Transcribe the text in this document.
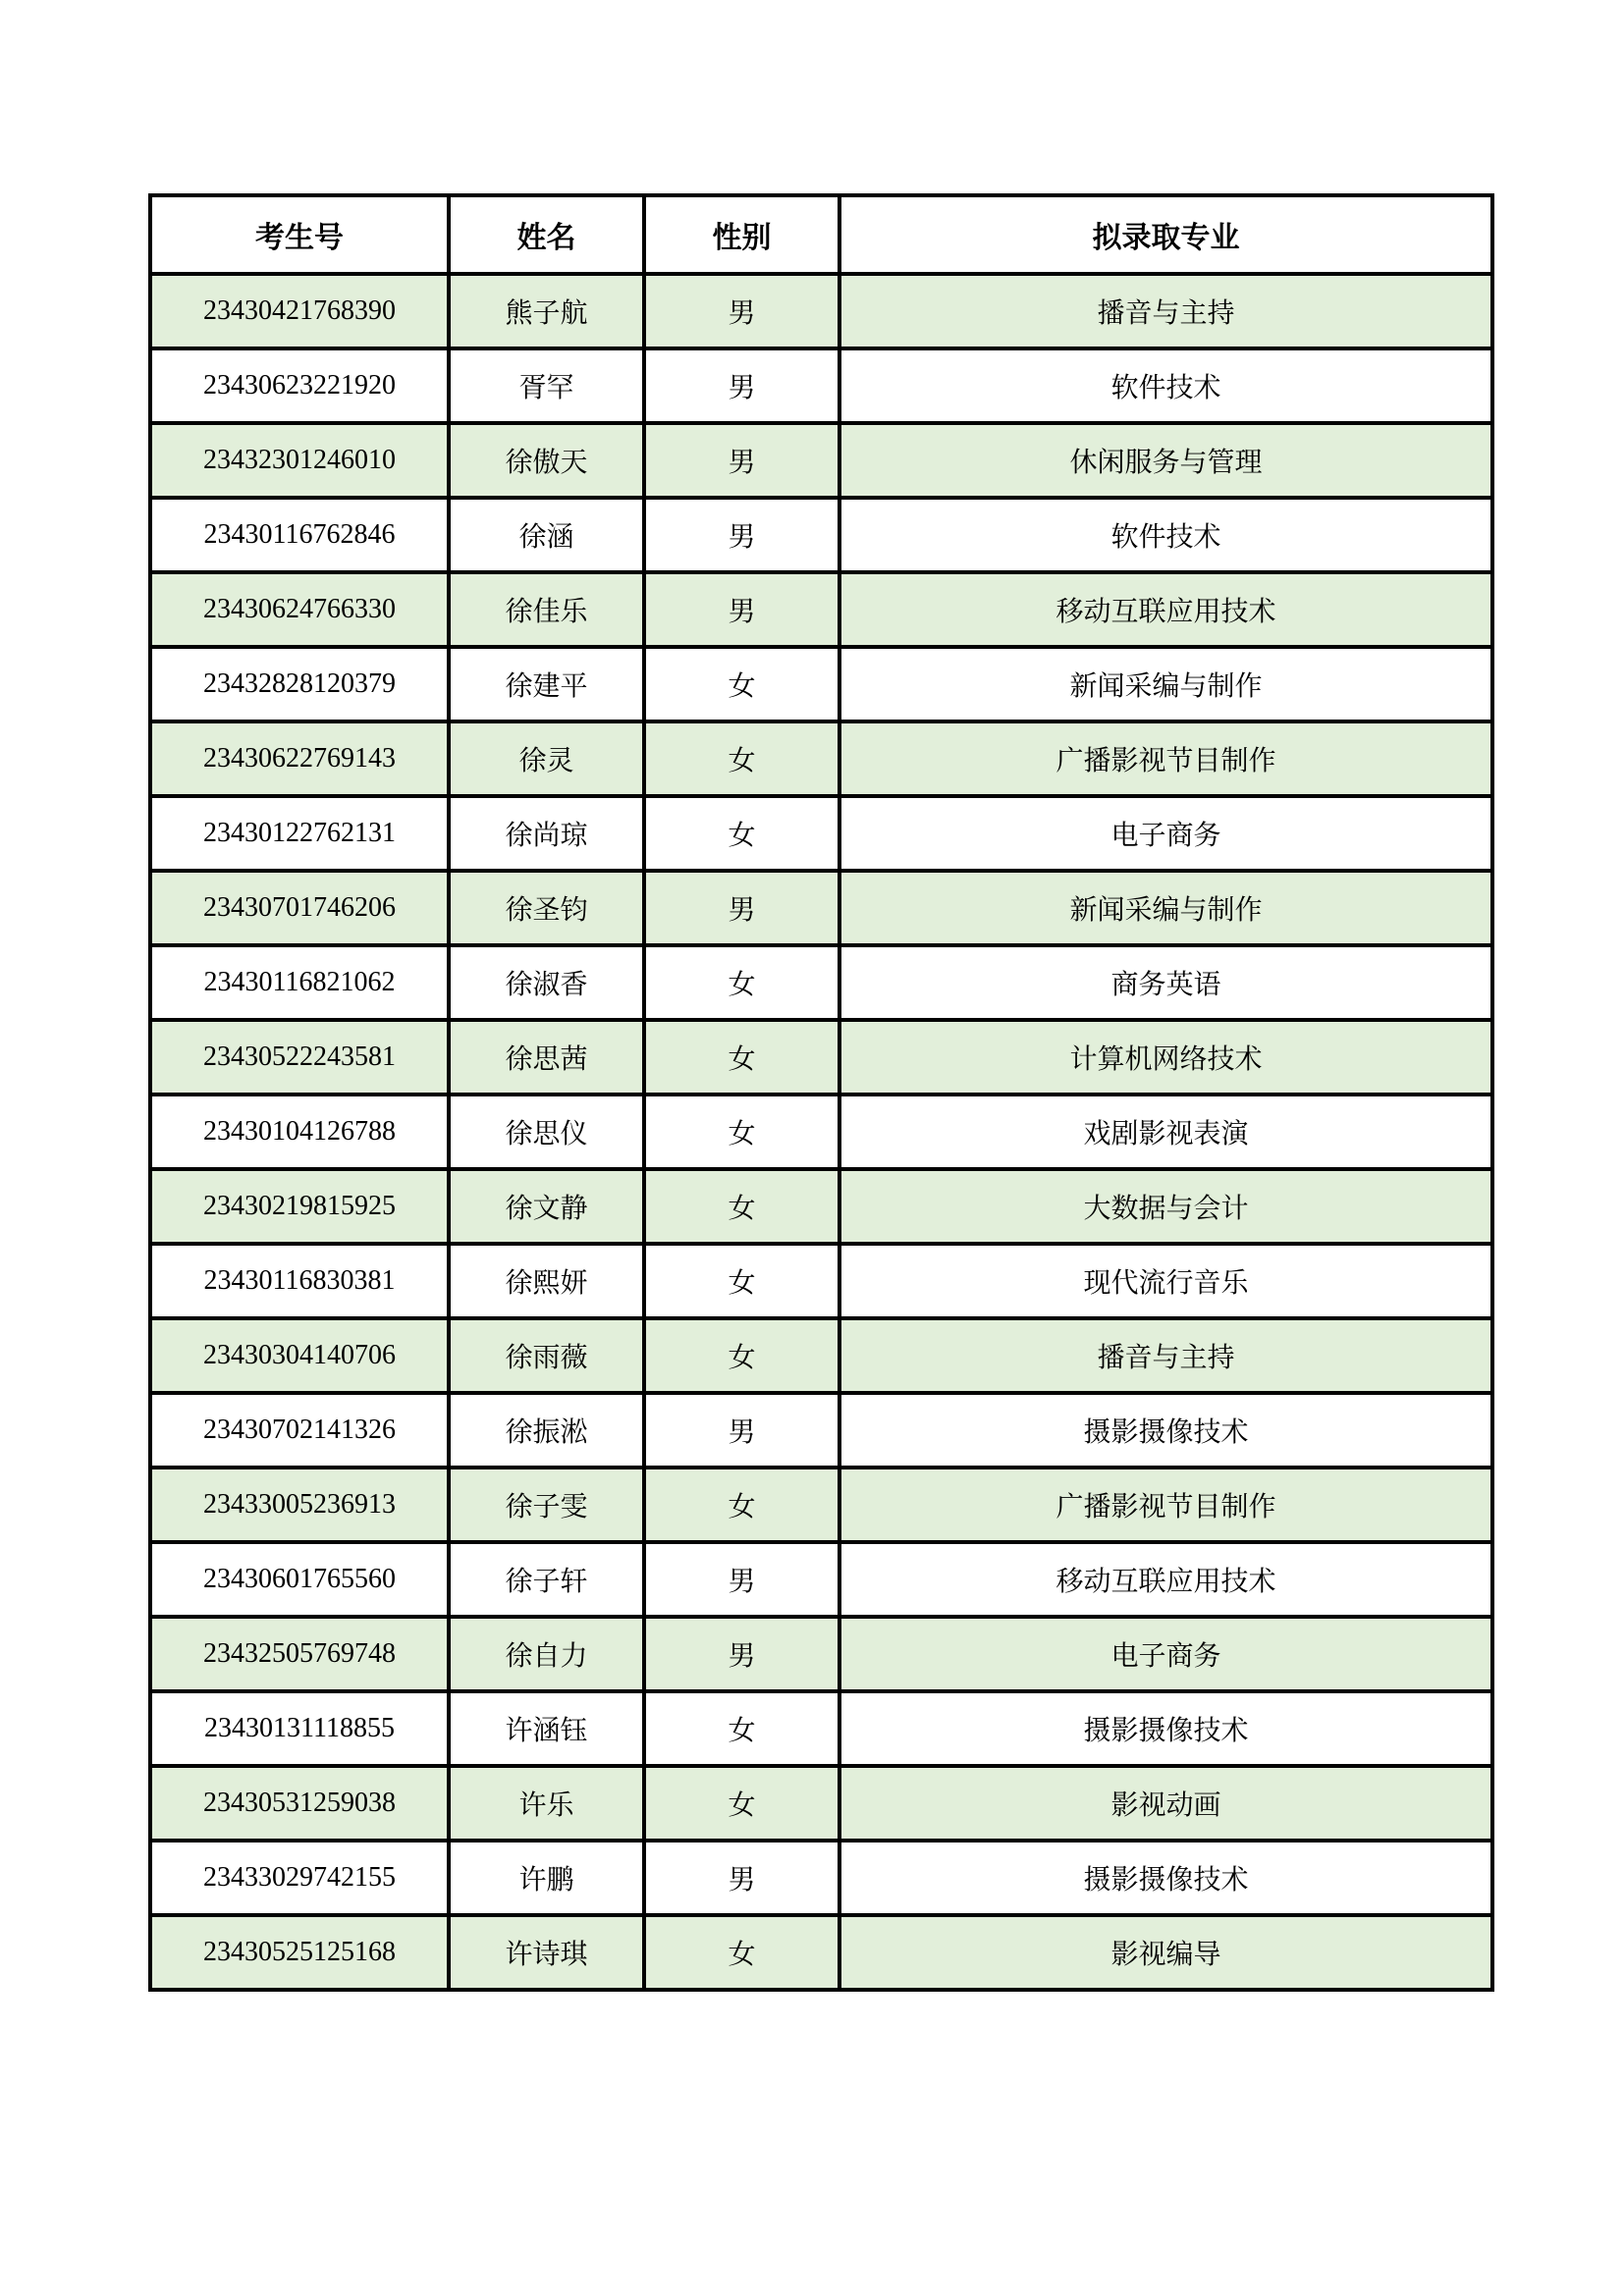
考生号	姓名	性别	拟录取专业
23430421768390	熊子航	男	播音与主持
23430623221920	胥罕	男	软件技术
23432301246010	徐傲天	男	休闲服务与管理
23430116762846	徐涵	男	软件技术
23430624766330	徐佳乐	男	移动互联应用技术
23432828120379	徐建平	女	新闻采编与制作
23430622769143	徐灵	女	广播影视节目制作
23430122762131	徐尚琼	女	电子商务
23430701746206	徐圣钧	男	新闻采编与制作
23430116821062	徐淑香	女	商务英语
23430522243581	徐思茜	女	计算机网络技术
23430104126788	徐思仪	女	戏剧影视表演
23430219815925	徐文静	女	大数据与会计
23430116830381	徐熙妍	女	现代流行音乐
23430304140706	徐雨薇	女	播音与主持
23430702141326	徐振淞	男	摄影摄像技术
23433005236913	徐子雯	女	广播影视节目制作
23430601765560	徐子轩	男	移动互联应用技术
23432505769748	徐自力	男	电子商务
23430131118855	许涵钰	女	摄影摄像技术
23430531259038	许乐	女	影视动画
23433029742155	许鹏	男	摄影摄像技术
23430525125168	许诗琪	女	影视编导
